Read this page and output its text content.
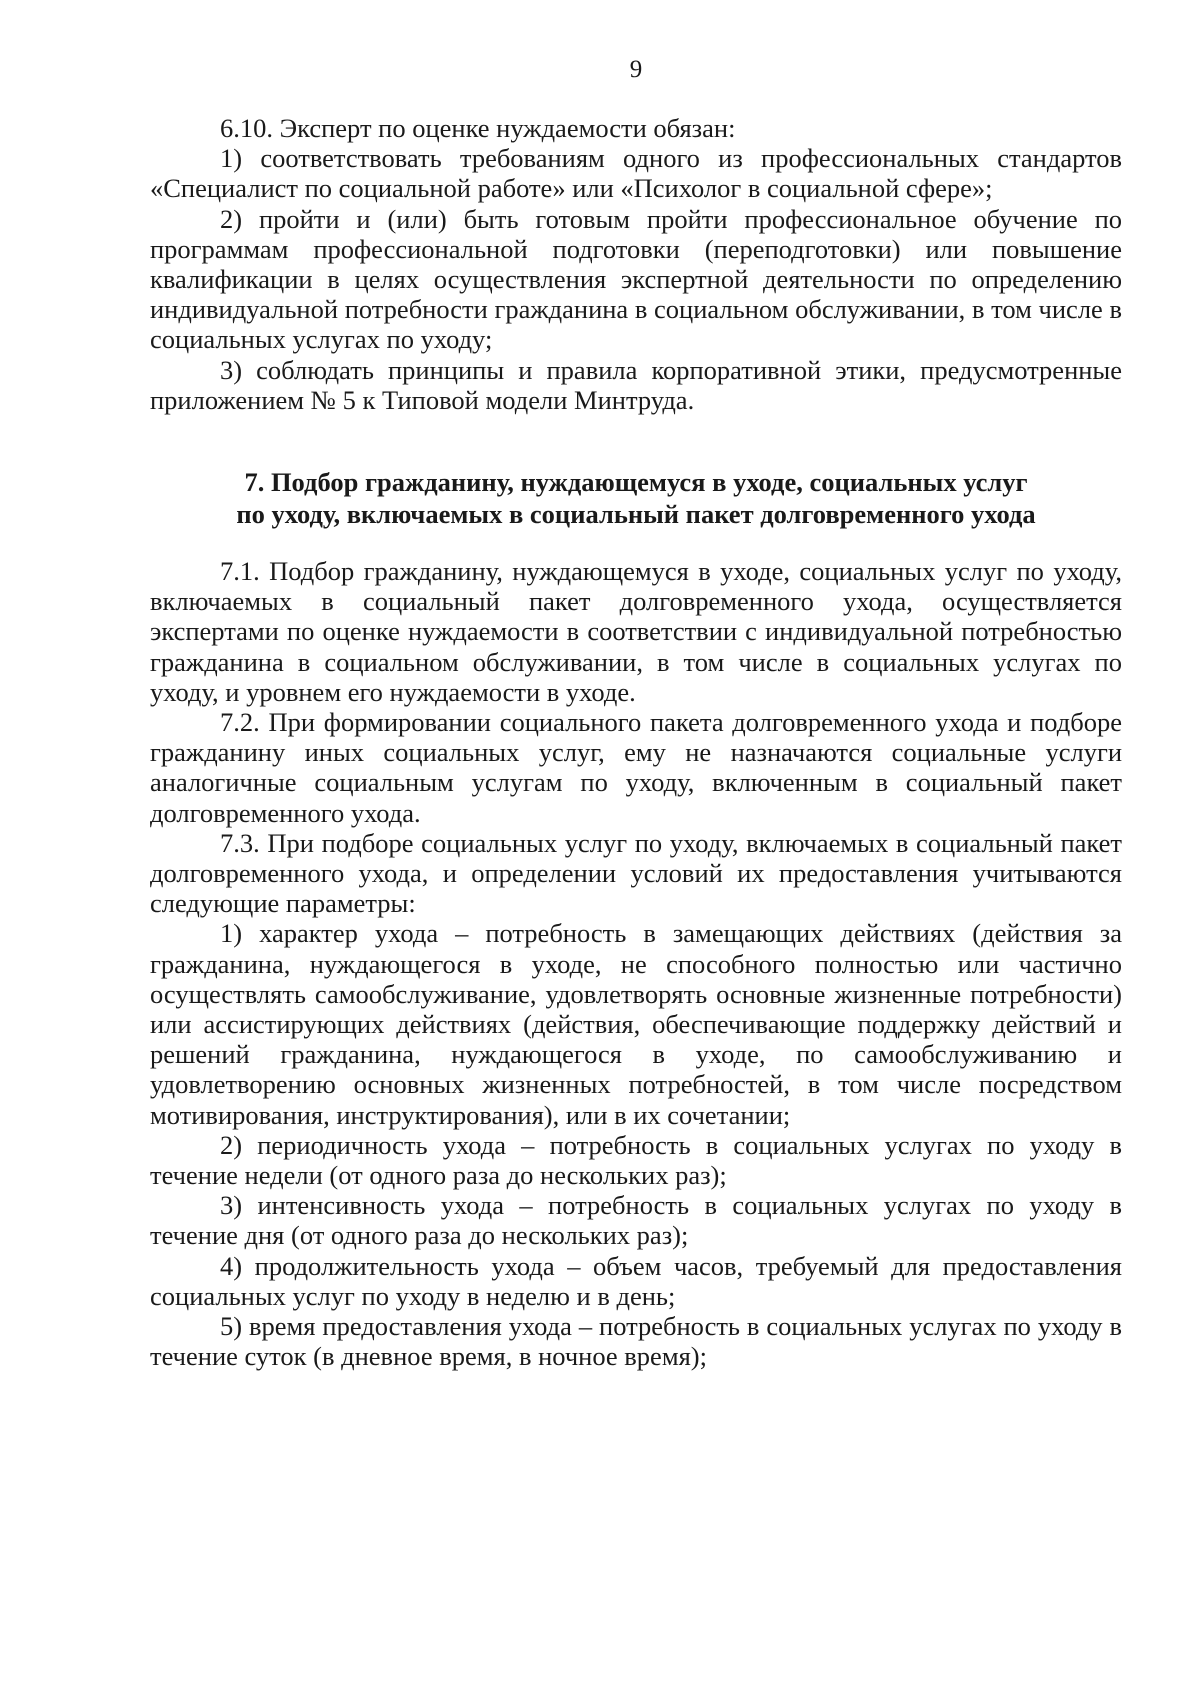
9

6.10. Эксперт по оценке нуждаемости обязан:

1) соответствовать требованиям одного из профессиональных стандартов «Специалист по социальной работе» или «Психолог в социальной сфере»;

2) пройти и (или) быть готовым пройти профессиональное обучение по программам профессиональной подготовки (переподготовки) или повышение квалификации в целях осуществления экспертной деятельности по определению индивидуальной потребности гражданина в социальном обслуживании, в том числе в социальных услугах по уходу;

3) соблюдать принципы и правила корпоративной этики, предусмотренные приложением № 5 к Типовой модели Минтруда.

7. Подбор гражданину, нуждающемуся в уходе, социальных услуг
по уходу, включаемых в социальный пакет долговременного ухода

7.1. Подбор гражданину, нуждающемуся в уходе, социальных услуг по уходу, включаемых в социальный пакет долговременного ухода, осуществляется экспертами по оценке нуждаемости в соответствии с индивидуальной потребностью гражданина в социальном обслуживании, в том числе в социальных услугах по уходу, и уровнем его нуждаемости в уходе.

7.2. При формировании социального пакета долговременного ухода и подборе гражданину иных социальных услуг, ему не назначаются социальные услуги аналогичные социальным услугам по уходу, включенным в социальный пакет долговременного ухода.

7.3. При подборе социальных услуг по уходу, включаемых в социальный пакет долговременного ухода, и определении условий их предоставления учитываются следующие параметры:

1) характер ухода – потребность в замещающих действиях (действия за гражданина, нуждающегося в уходе, не способного полностью или частично осуществлять самообслуживание, удовлетворять основные жизненные потребности) или ассистирующих действиях (действия, обеспечивающие поддержку действий и решений гражданина, нуждающегося в уходе, по самообслуживанию и удовлетворению основных жизненных потребностей, в том числе посредством мотивирования, инструктирования), или в их сочетании;

2) периодичность ухода – потребность в социальных услугах по уходу в течение недели (от одного раза до нескольких раз);

3) интенсивность ухода – потребность в социальных услугах по уходу в течение дня (от одного раза до нескольких раз);

4) продолжительность ухода – объем часов, требуемый для предоставления социальных услуг по уходу в неделю и в день;

5) время предоставления ухода – потребность в социальных услугах по уходу в течение суток (в дневное время, в ночное время);
